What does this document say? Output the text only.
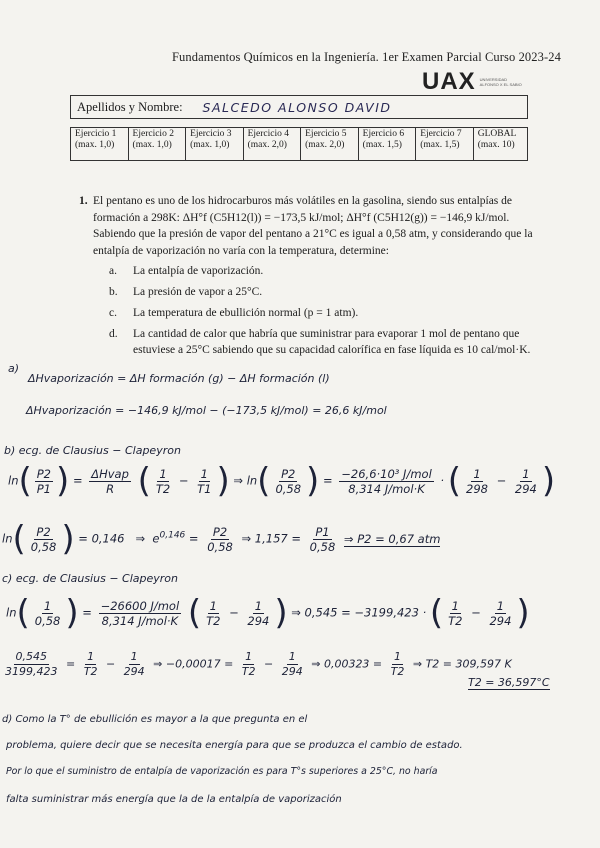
Fundamentos Químicos en la Ingeniería. 1er Examen Parcial Curso 2023-24
UAX UNIVERSIDAD
ALFONSO X EL SABIO
Apellidos y Nombre: SALCEDO ALONSO DAVID
Ejercicio 1
(max. 1,0)

Ejercicio 2
(max. 1,0)

Ejercicio 3
(max. 1,0)

Ejercicio 4
(max. 2,0)

Ejercicio 5
(max. 2,0)

Ejercicio 6
(max. 1,5)

Ejercicio 7
(max. 1,5)

GLOBAL
(max. 10)
1. El pentano es uno de los hidrocarburos más volátiles en la gasolina, siendo sus entalpías de formación a 298K: ΔH°f (C5H12(l)) = −173,5 kJ/mol; ΔH°f (C5H12(g)) = −146,9 kJ/mol. Sabiendo que la presión de vapor del pentano a 21°C es igual a 0,58 atm, y considerando que la entalpía de vaporización no varía con la temperatura, determine:
a. La entalpía de vaporización.
b. La presión de vapor a 25°C.
c. La temperatura de ebullición normal (p = 1 atm).
d. La cantidad de calor que habría que suministrar para evaporar 1 mol de pentano que estuviese a 25°C sabiendo que su capacidad calorífica en fase líquida es 10 cal/mol·K.
a)
ΔHvaporización = ΔH formación (g) − ΔH formación (l)
ΔHvaporización = −146,9 kJ/mol − (−173,5 kJ/mol) = 26,6 kJ/mol
b) ecg. de Clausius − Clapeyron
$\ln( \frac{P2}{P1}$ ) = $\frac{\text{ΔHvap}}{R}$ ( $\frac{1}{T2} - \frac{1}{T1}$ ) ⇒ $\ln( \frac{P2}{0,58}$ ) = $\frac{\text{−26,6·10³ J/mol}}{\text{8,314 J/mol·K}}$ · ( $\frac{1}{298} - \frac{1}{294}$ )
$\ln( \frac{P2}{0,58}$ ) = 0,146 ⇒ $e^{0,146} = \frac{P2}{0,58}$ ⇒ $1,157 = \frac{P1}{0,58}$ ⇒ P2 = 0,67 atm
c) ecg. de Clausius − Clapeyron
$\ln( \frac{1}{0,58}$ ) = $\frac{\text{−26600 J/mol}}{\text{8,314 J/mol·K}}$ ( $\frac{1}{T2} - \frac{1}{294}$ ) ⇒ 0,545 = −3199,423 · ( $\frac{1}{T2} - \frac{1}{294}$ )
$\frac{0,545}{3199,423} = \frac{1}{T2} - \frac{1}{294}$ ⇒ $-0,00017 = \frac{1}{T2} - \frac{1}{294}$ ⇒ $0,00323 = \frac{1}{T2}$ ⇒ T2 = 309,597 K
T2 = 36,597°C
d) Como la T° de ebullición es mayor a la que pregunta en el
problema, quiere decir que se necesita energía para que se produzca el cambio de estado.
Por lo que el suministro de entalpía de vaporización es para T°s superiores a 25°C, no haría
falta suministrar más energía que la de la entalpía de vaporización
